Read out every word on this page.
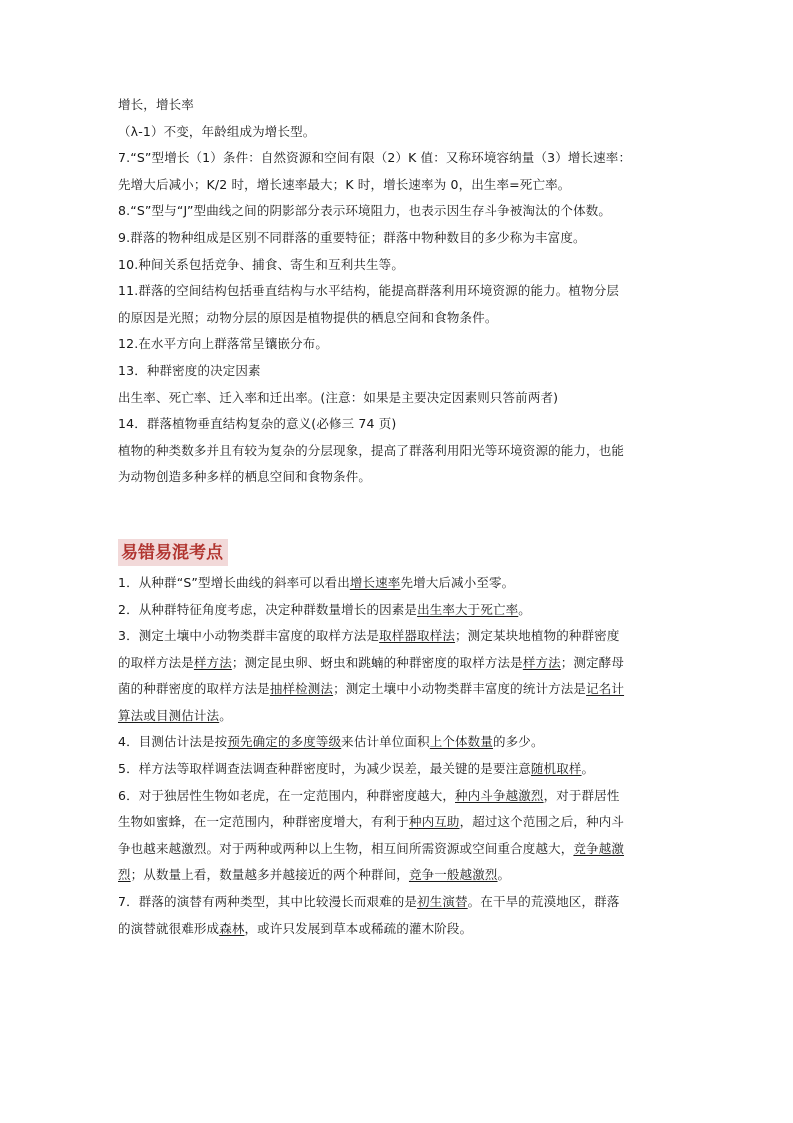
增长，增长率
（λ-1）不变，年龄组成为增长型。
7.“S”型增长（1）条件：自然资源和空间有限（2）K 值：又称环境容纳量（3）增长速率：
先增大后减小；K/2 时，增长速率最大；K 时，增长速率为 0，出生率=死亡率。
8.“S”型与“J”型曲线之间的阴影部分表示环境阻力，也表示因生存斗争被淘汰的个体数。
9.群落的物种组成是区别不同群落的重要特征；群落中物种数目的多少称为丰富度。
10.种间关系包括竞争、捕食、寄生和互利共生等。
11.群落的空间结构包括垂直结构与水平结构，能提高群落利用环境资源的能力。植物分层
的原因是光照；动物分层的原因是植物提供的栖息空间和食物条件。
12.在水平方向上群落常呈镶嵌分布。
13．种群密度的决定因素
出生率、死亡率、迁入率和迁出率。(注意：如果是主要决定因素则只答前两者)
14．群落植物垂直结构复杂的意义(必修三 74 页)
植物的种类数多并且有较为复杂的分层现象，提高了群落利用阳光等环境资源的能力，也能
为动物创造多种多样的栖息空间和食物条件。
易错易混考点
1．从种群“S”型增长曲线的斜率可以看出增长速率先增大后减小至零。
2．从种群特征角度考虑，决定种群数量增长的因素是出生率大于死亡率。
3．测定土壤中小动物类群丰富度的取样方法是取样器取样法；测定某块地植物的种群密度
的取样方法是样方法；测定昆虫卵、蚜虫和跳蝻的种群密度的取样方法是样方法；测定酵母
菌的种群密度的取样方法是抽样检测法；测定土壤中小动物类群丰富度的统计方法是记名计
算法或目测估计法。
4．目测估计法是按预先确定的多度等级来估计单位面积上个体数量的多少。
5．样方法等取样调查法调查种群密度时，为减少误差，最关键的是要注意随机取样。
6．对于独居性生物如老虎，在一定范围内，种群密度越大，种内斗争越激烈，对于群居性
生物如蜜蜂，在一定范围内，种群密度增大，有利于种内互助，超过这个范围之后，种内斗
争也越来越激烈。对于两种或两种以上生物，相互间所需资源或空间重合度越大，竞争越激
烈；从数量上看，数量越多并越接近的两个种群间，竞争一般越激烈。
7．群落的演替有两种类型，其中比较漫长而艰难的是初生演替。在干旱的荒漠地区，群落
的演替就很难形成森林，或许只发展到草本或稀疏的灌木阶段。
